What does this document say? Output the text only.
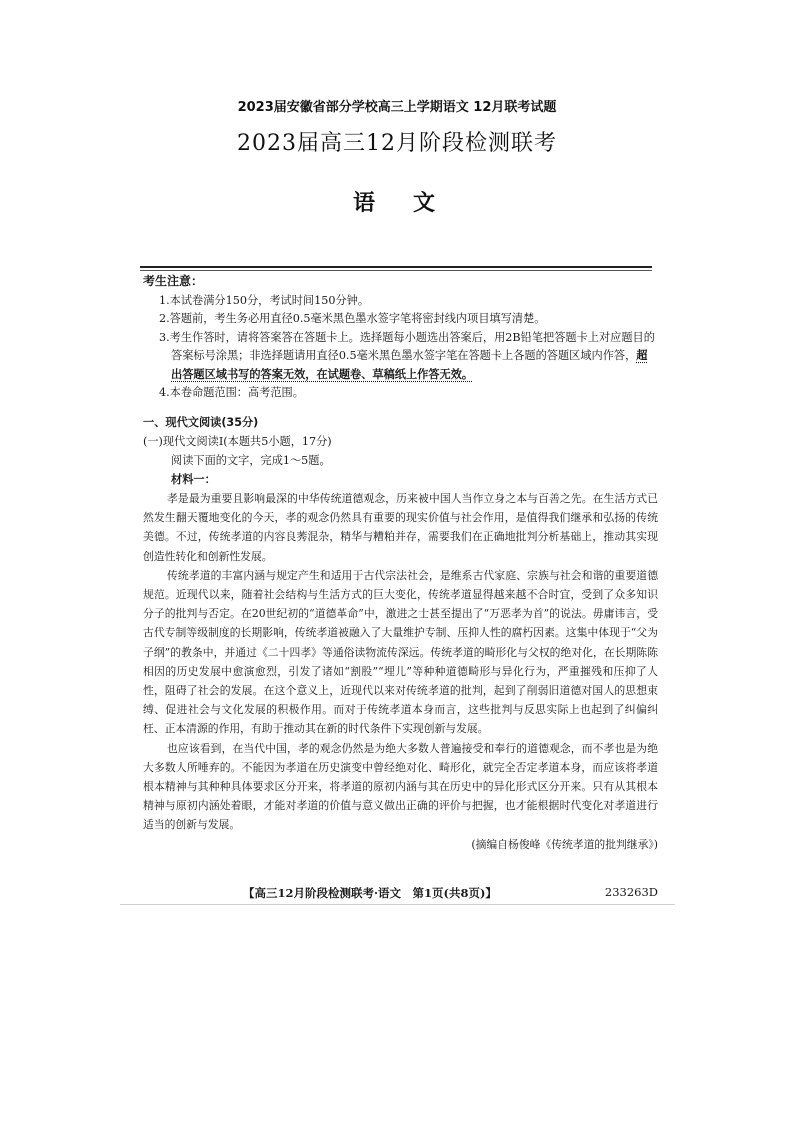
2023届安徽省部分学校高三上学期语文 12月联考试题
2023届高三12月阶段检测联考
语 文
考生注意：
1.本试卷满分150分，考试时间150分钟。
2.答题前，考生务必用直径0.5毫米黑色墨水签字笔将密封线内项目填写清楚。
3.考生作答时，请将答案答在答题卡上。选择题每小题选出答案后，用2B铅笔把答题卡上对应题目的答案标号涂黑；非选择题请用直径0.5毫米黑色墨水签字笔在答题卡上各题的答题区域内作答，超出答题区域书写的答案无效，在试题卷、草稿纸上作答无效。
4.本卷命题范围：高考范围。
一、现代文阅读(35分)
(一)现代文阅读Ⅰ(本题共5小题，17分)
阅读下面的文字，完成1～5题。
材料一：
孝是最为重要且影响最深的中华传统道德观念，历来被中国人当作立身之本与百善之先。在生活方式已然发生翻天覆地变化的今天，孝的观念仍然具有重要的现实价值与社会作用，是值得我们继承和弘扬的传统美德。不过，传统孝道的内容良莠混杂，精华与糟粕并存，需要我们在正确地批判分析基础上，推动其实现创造性转化和创新性发展。
传统孝道的丰富内涵与规定产生和适用于古代宗法社会，是维系古代家庭、宗族与社会和谐的重要道德规范。近现代以来，随着社会结构与生活方式的巨大变化，传统孝道显得越来越不合时宜，受到了众多知识分子的批判与否定。在20世纪初的“道德革命”中，激进之士甚至提出了“万恶孝为首”的说法。毋庸讳言，受古代专制等级制度的长期影响，传统孝道被融入了大量维护专制、压抑人性的腐朽因素。这集中体现于“父为子纲”的教条中，并通过《二十四孝》等通俗读物流传深远。传统孝道的畸形化与父权的绝对化，在长期陈陈相因的历史发展中愈演愈烈，引发了诸如“割股”“埋儿”等种种道德畸形与异化行为，严重摧残和压抑了人性，阻碍了社会的发展。在这个意义上，近现代以来对传统孝道的批判，起到了削弱旧道德对国人的思想束缚、促进社会与文化发展的积极作用。而对于传统孝道本身而言，这些批判与反思实际上也起到了纠偏纠枉、正本清源的作用，有助于推动其在新的时代条件下实现创新与发展。
也应该看到，在当代中国，孝的观念仍然是为绝大多数人普遍接受和奉行的道德观念，而不孝也是为绝大多数人所唾弃的。不能因为孝道在历史演变中曾经绝对化、畸形化，就完全否定孝道本身，而应该将孝道根本精神与其种种具体要求区分开来，将孝道的原初内涵与其在历史中的异化形式区分开来。只有从其根本精神与原初内涵处着眼，才能对孝道的价值与意义做出正确的评价与把握，也才能根据时代变化对孝道进行适当的创新与发展。
(摘编自杨俊峰《传统孝道的批判继承》)
【高三12月阶段检测联考·语文　第1页(共8页)】	233263D
